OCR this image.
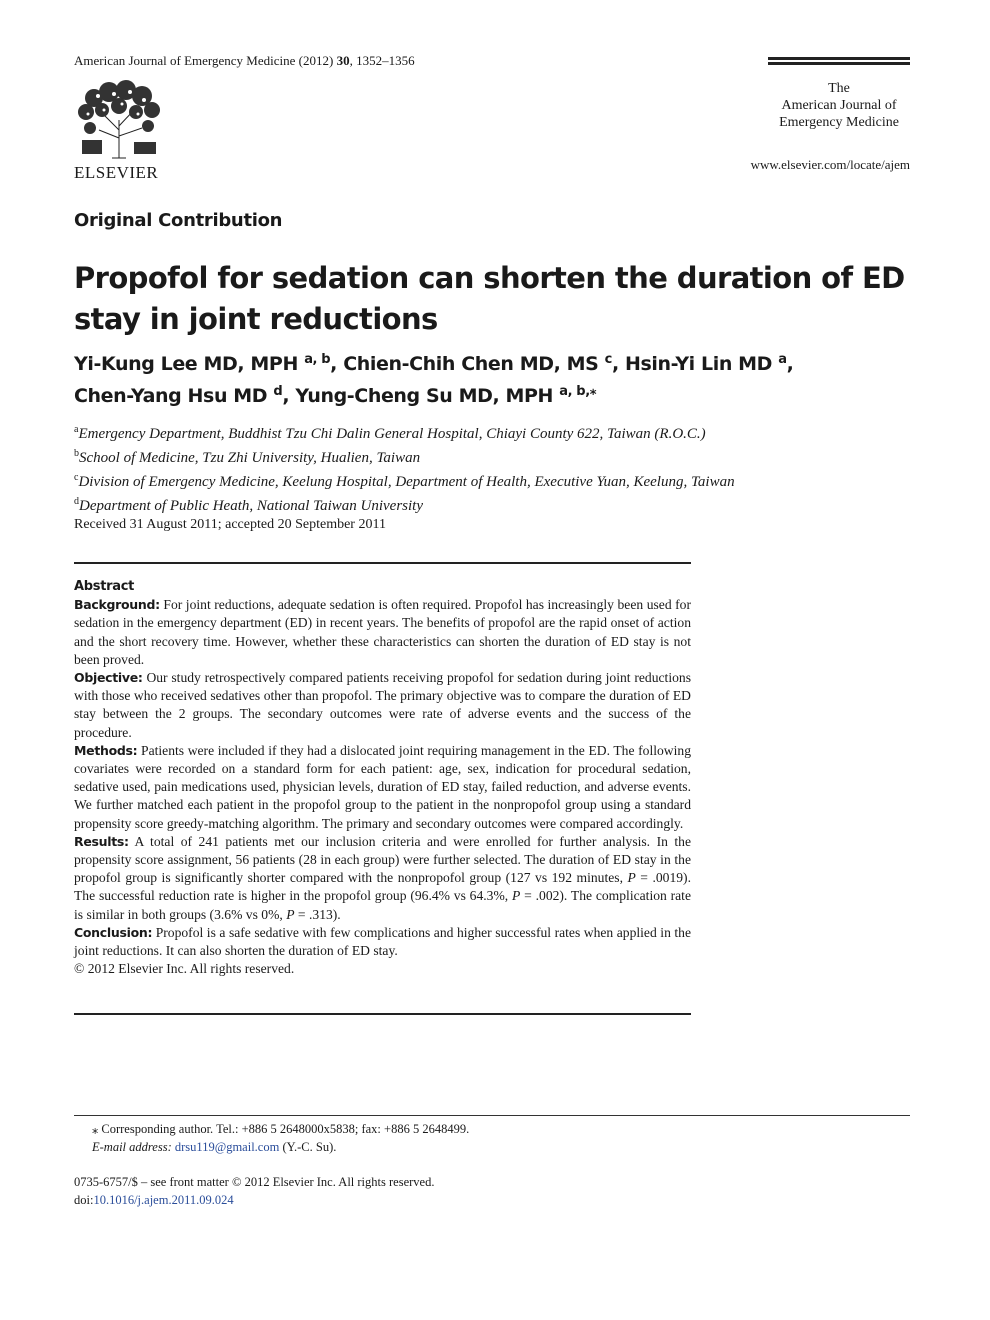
American Journal of Emergency Medicine (2012) 30, 1352–1356
ELSEVIER
The
American Journal of
Emergency Medicine
www.elsevier.com/locate/ajem
Original Contribution
Propofol for sedation can shorten the duration of ED stay in joint reductions
Yi-Kung Lee MD, MPH $^{a, b}$, Chien-Chih Chen MD, MS $^c$, Hsin-Yi Lin MD $^a$,
Chen-Yang Hsu MD $^d$, Yung-Cheng Su MD, MPH $^{a, b,⁎}$
$^a$Emergency Department, Buddhist Tzu Chi Dalin General Hospital, Chiayi County 622, Taiwan (R.O.C.)
$^b$School of Medicine, Tzu Zhi University, Hualien, Taiwan
$^c$Division of Emergency Medicine, Keelung Hospital, Department of Health, Executive Yuan, Keelung, Taiwan
$^d$Department of Public Heath, National Taiwan University
Received 31 August 2011; accepted 20 September 2011
Abstract

Background: For joint reductions, adequate sedation is often required. Propofol has increasingly been used for sedation in the emergency department (ED) in recent years. The benefits of propofol are the rapid onset of action and the short recovery time. However, whether these characteristics can shorten the duration of ED stay is not been proved.

Objective: Our study retrospectively compared patients receiving propofol for sedation during joint reductions with those who received sedatives other than propofol. The primary objective was to compare the duration of ED stay between the 2 groups. The secondary outcomes were rate of adverse events and the success of the procedure.

Methods: Patients were included if they had a dislocated joint requiring management in the ED. The following covariates were recorded on a standard form for each patient: age, sex, indication for procedural sedation, sedative used, pain medications used, physician levels, duration of ED stay, failed reduction, and adverse events. We further matched each patient in the propofol group to the patient in the nonpropofol group using a standard propensity score greedy-matching algorithm. The primary and secondary outcomes were compared accordingly.

Results: A total of 241 patients met our inclusion criteria and were enrolled for further analysis. In the propensity score assignment, 56 patients (28 in each group) were further selected. The duration of ED stay in the propofol group is significantly shorter compared with the nonpropofol group (127 vs 192 minutes, P = .0019). The successful reduction rate is higher in the propofol group (96.4% vs 64.3%, P = .002). The complication rate is similar in both groups (3.6% vs 0%, P = .313).

Conclusion: Propofol is a safe sedative with few complications and higher successful rates when applied in the joint reductions. It can also shorten the duration of ED stay.

© 2012 Elsevier Inc. All rights reserved.

⁎ Corresponding author. Tel.: +886 5 2648000x5838; fax: +886 5 2648499.
E-mail address: drsu119@gmail.com (Y.-C. Su).
0735-6757/$ – see front matter © 2012 Elsevier Inc. All rights reserved.
doi:10.1016/j.ajem.2011.09.024
